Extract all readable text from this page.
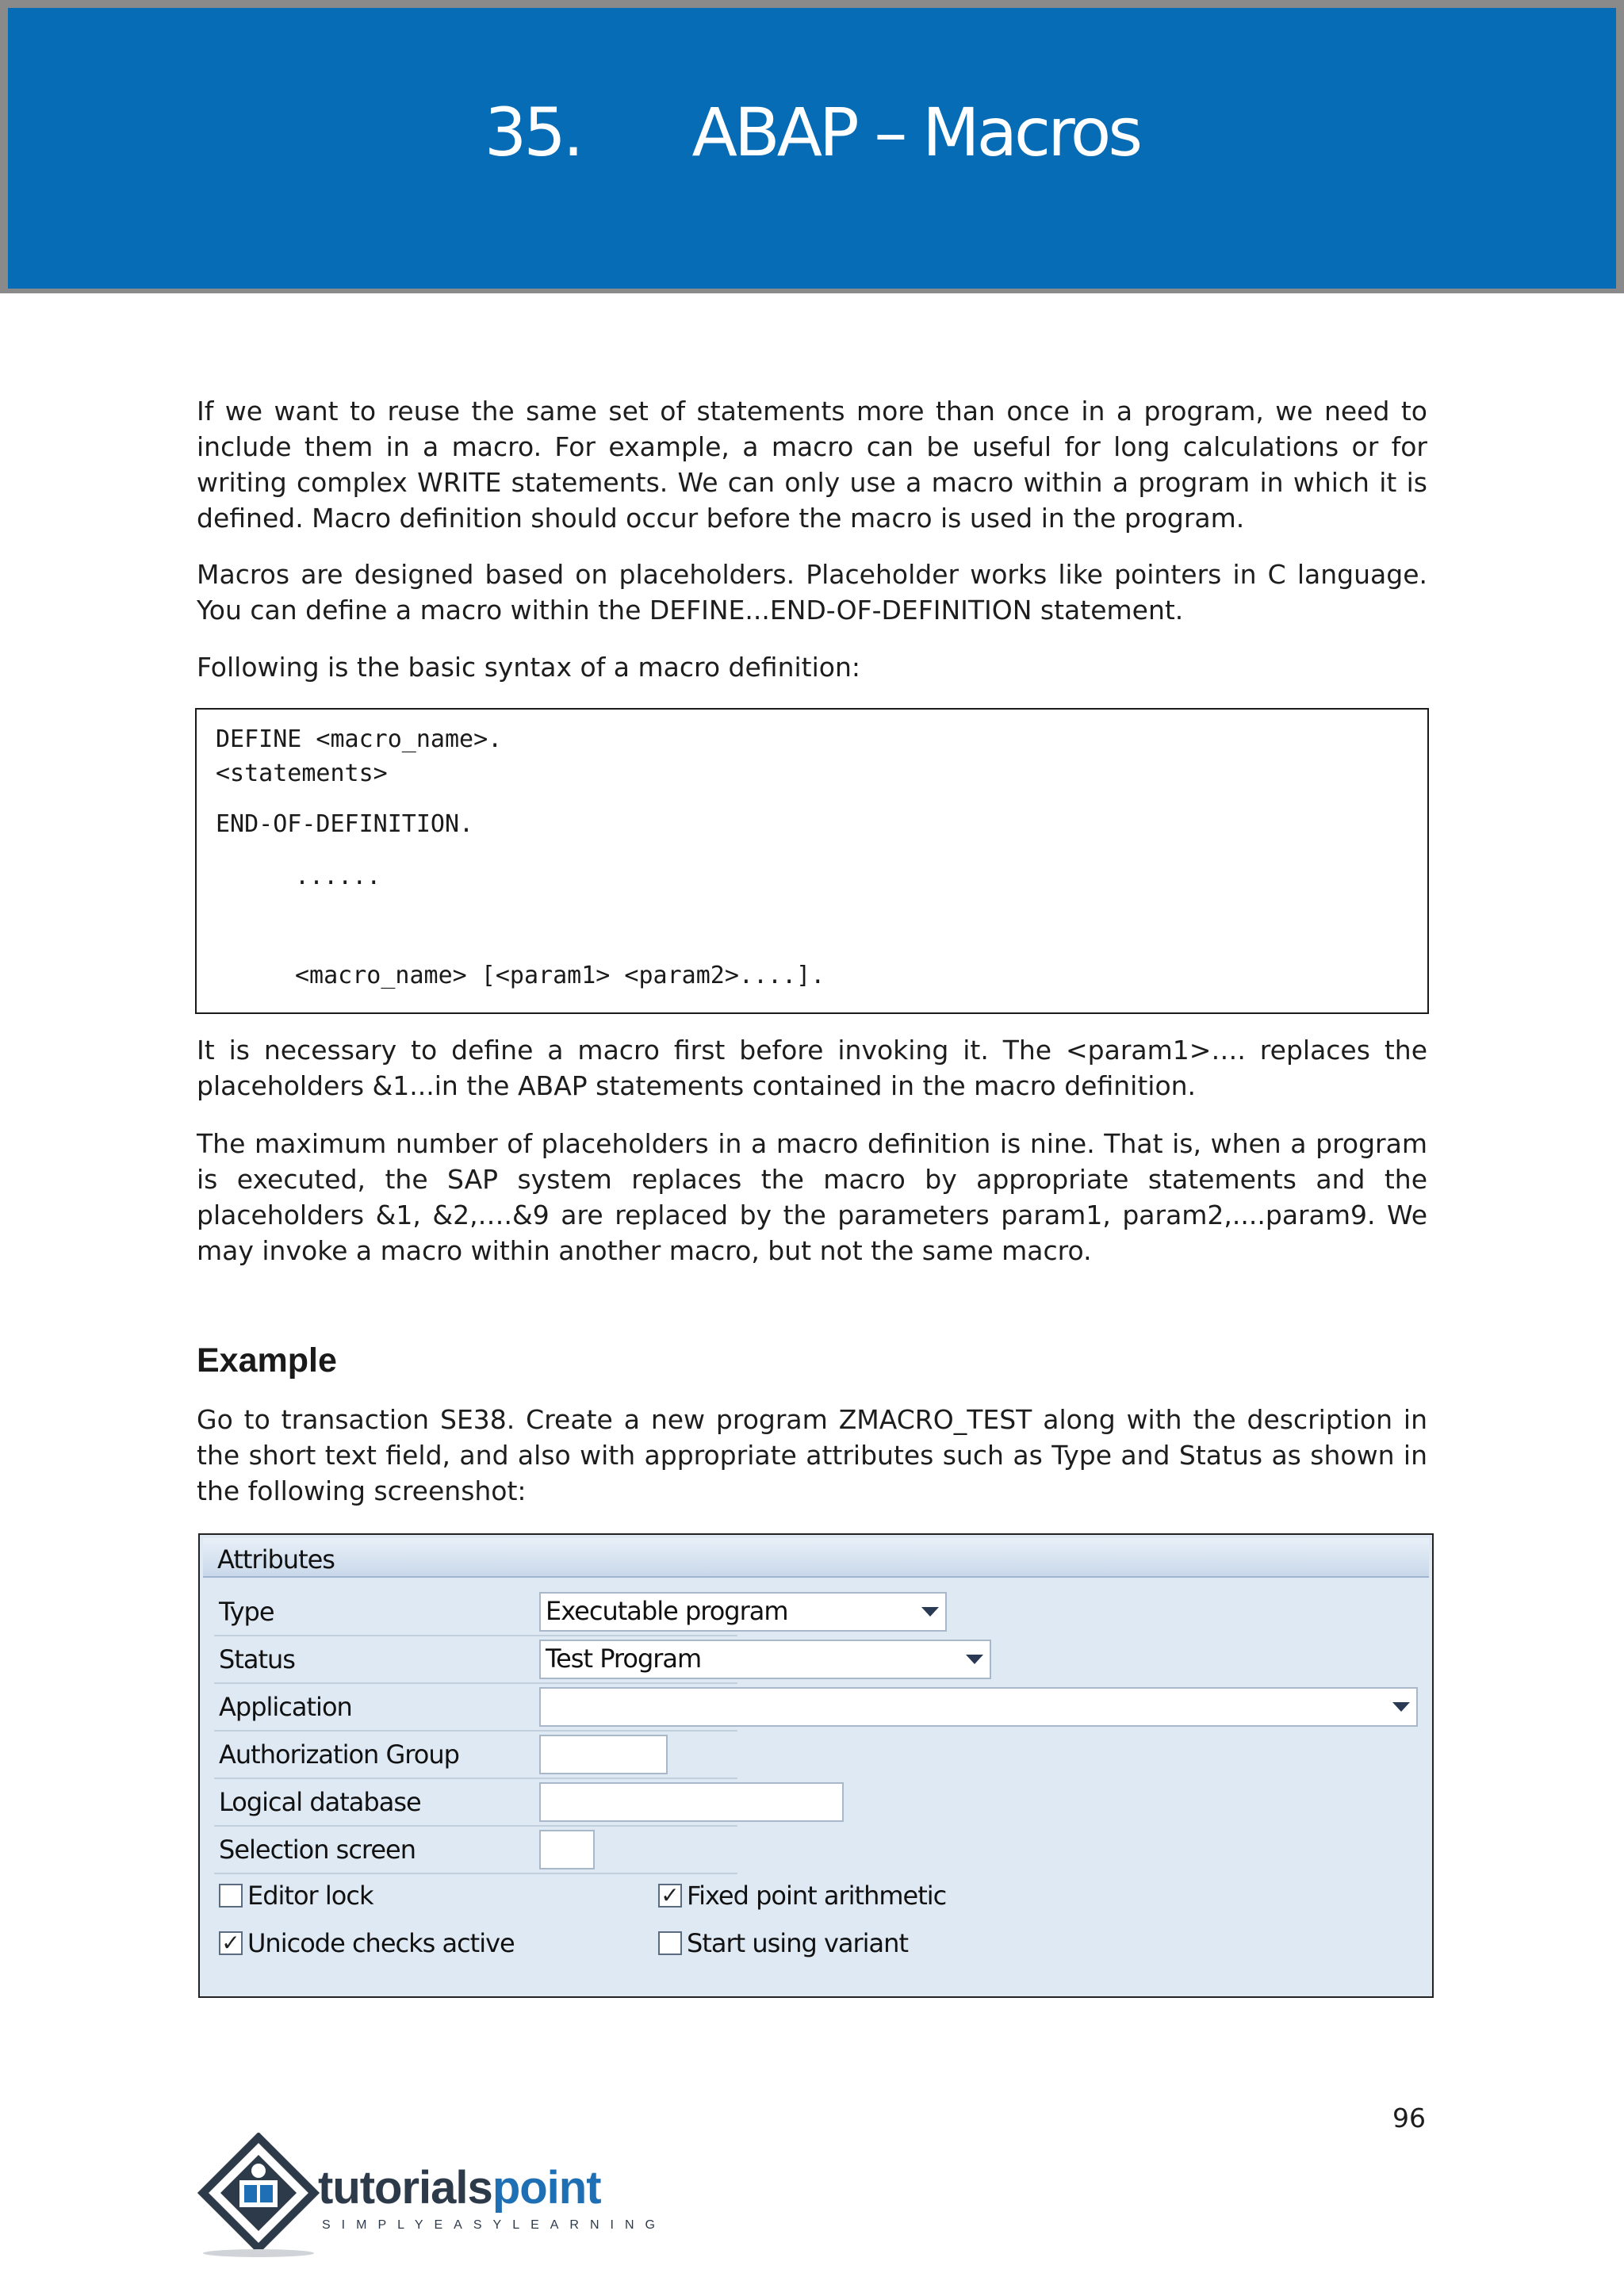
35. ABAP – Macros

If we want to reuse the same set of statements more than once in a program, we need to include them in a macro. For example, a macro can be useful for long calculations or for writing complex WRITE statements. We can only use a macro within a program in which it is defined. Macro definition should occur before the macro is used in the program.

Macros are designed based on placeholders. Placeholder works like pointers in C language. You can define a macro within the DEFINE...END-OF-DEFINITION statement.

Following is the basic syntax of a macro definition:

DEFINE <macro_name>.
<statements>
END-OF-DEFINITION.
......
<macro_name> [<param1> <param2>....].

It is necessary to define a macro first before invoking it. The <param1>…. replaces the placeholders &1...in the ABAP statements contained in the macro definition.

The maximum number of placeholders in a macro definition is nine. That is, when a program is executed, the SAP system replaces the macro by appropriate statements and the placeholders &1, &2,….&9 are replaced by the parameters param1, param2,....param9. We may invoke a macro within another macro, but not the same macro.

Example

Go to transaction SE38. Create a new program ZMACRO_TEST along with the description in the short text field, and also with appropriate attributes such as Type and Status as shown in the following screenshot:

Attributes
Type	Executable program
Status	Test Program
Application
Authorization Group
Logical database
Selection screen
Editor lock	✓ Fixed point arithmetic
✓ Unicode checks active	Start using variant
96
tutorialspoint
SIMPLYEASYLEARNING
